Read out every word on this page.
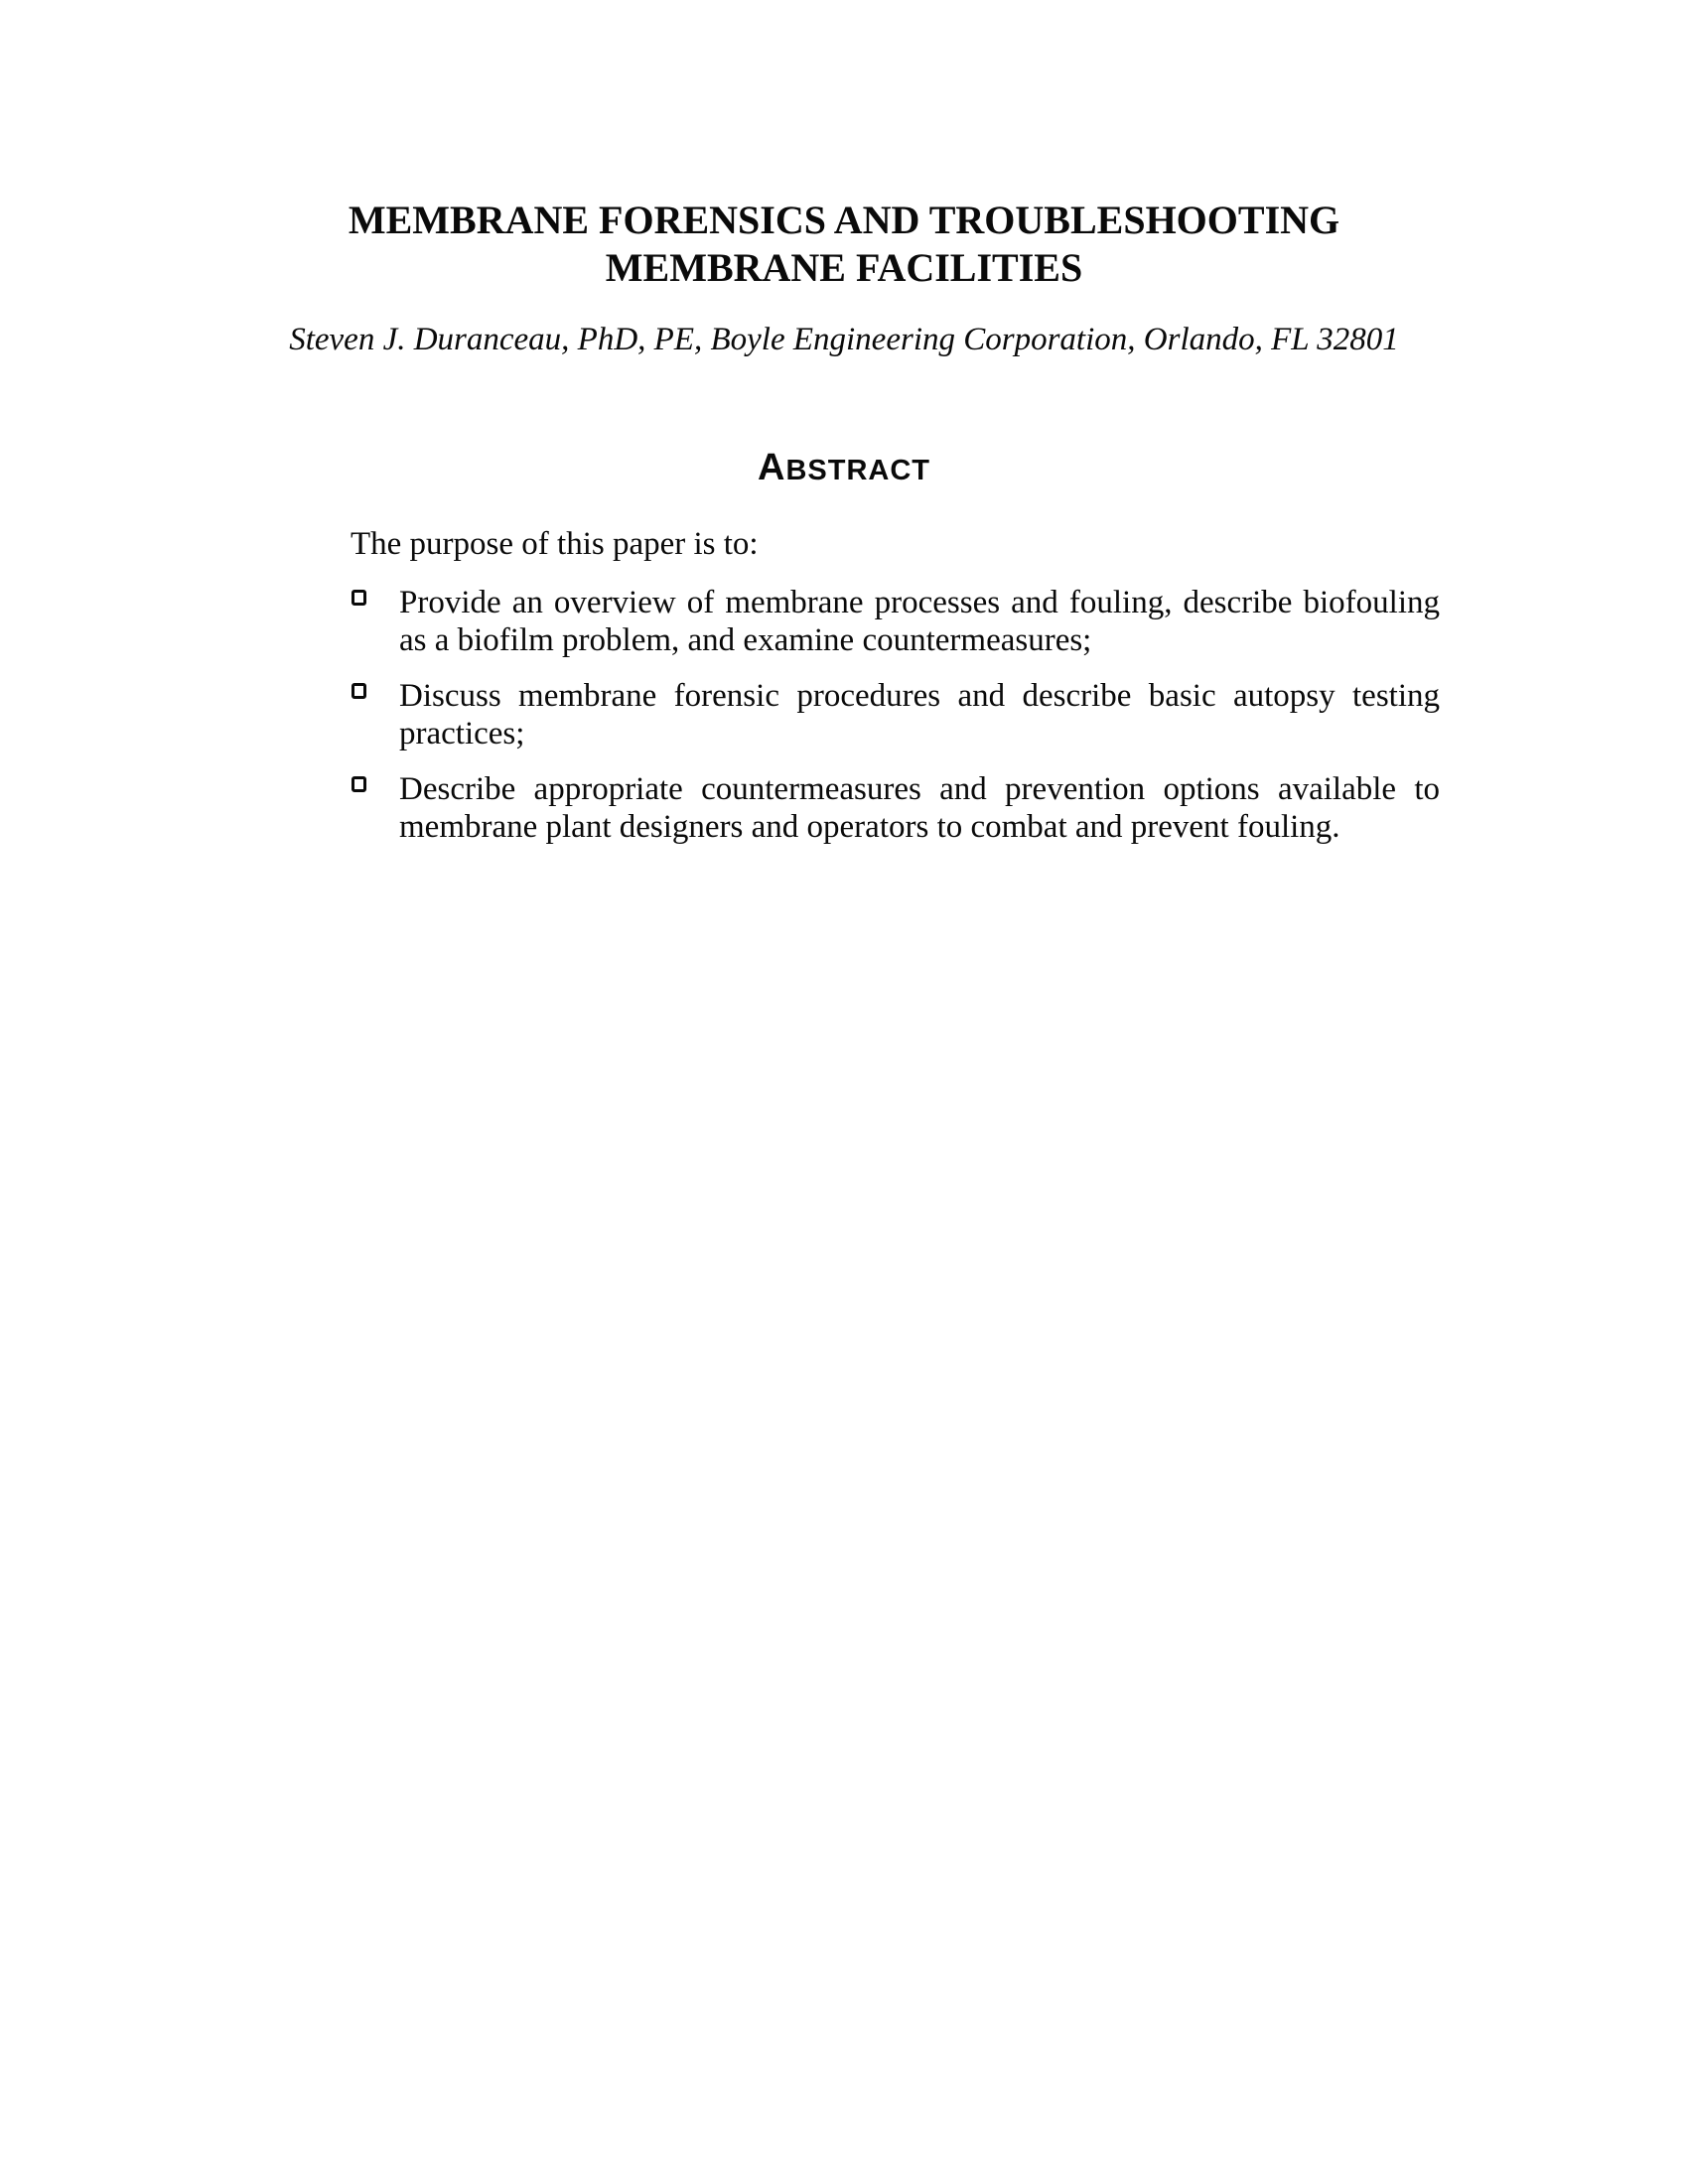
MEMBRANE FORENSICS AND TROUBLESHOOTING
MEMBRANE FACILITIES
Steven J. Duranceau, PhD, PE, Boyle Engineering Corporation, Orlando, FL 32801
ABSTRACT
The purpose of this paper is to:
Provide an overview of membrane processes and fouling, describe biofouling
as a biofilm problem, and examine countermeasures;
Discuss membrane forensic procedures and describe basic autopsy testing
practices;
Describe appropriate countermeasures and prevention options available to
membrane plant designers and operators to combat and prevent fouling.
